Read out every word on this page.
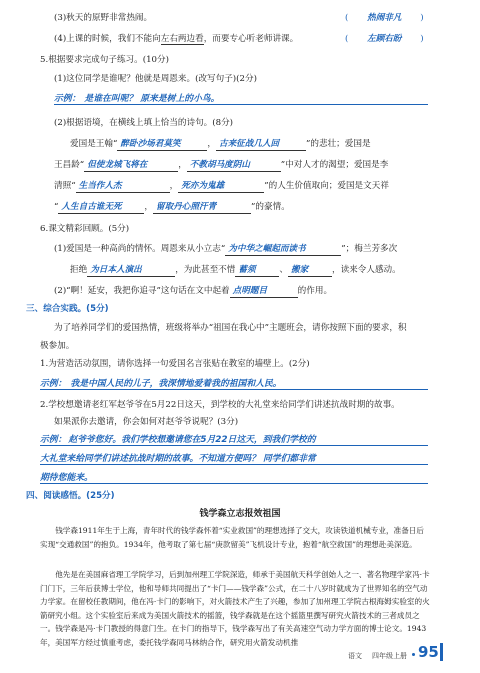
(3)秋天的原野非常热闹。	( 热闹非凡 )
(4)上课的时候，我们不能向左右两边看，而要专心听老师讲课。	( 左顾右盼 )
5.根据要求完成句子练习。(10分)
(1)这位同学是谁呢？他就是周恩来。(改写句子)(2分)
示例： 是谁在叫呢？ 原来是树上的小鸟。
(2)根据语境，在横线上填上恰当的诗句。(8分)
爱国是王翰“ 醉卧沙场君莫笑	， 古来征战几人回	”的悲壮；爱国是
王昌龄“ 但使龙城飞将在	， 不教胡马度阴山	”中对人才的渴望；爱国是李
清照“ 生当作人杰	， 死亦为鬼雄	”的人生价值取向；爱国是文天祥
“ 人生自古谁无死	， 留取丹心照汗青	”的豪情。
6.课文精彩回顾。(5分)
(1)爱国是一种高尚的情怀。周恩来从小立志“ 为中华之崛起而读书	”；梅兰芳多次
拒绝 为日本人演出	，为此甚至不惜 蓄须	、 搬家	，读来令人感动。
(2)“啊！延安，我把你追寻”这句话在文中起着 点明题目	的作用。
三、综合实践。(5分)
为了培养同学们的爱国热情，班级将举办“祖国在我心中”主题班会，请你按照下面的要求，积
极参加。
1.为营造活动氛围，请你选择一句爱国名言张贴在教室的墙壁上。(2分)
示例： 我是中国人民的儿子，我深情地爱着我的祖国和人民。
2.学校想邀请老红军赵爷爷在5月22日这天，到学校的大礼堂来给同学们讲述抗战时期的故事。
如果派你去邀请，你会如何对赵爷爷说呢？(3分)
示例： 赵爷爷您好。我们学校想邀请您在5月22日这天，到我们学校的
大礼堂来给同学们讲述抗战时期的故事。不知道方便吗？ 同学们都非常
期待您能来。
四、阅读感悟。(25分)
钱学森立志报效祖国
钱学森1911年生于上海，青年时代的钱学森怀着“实业救国”的理想选择了交大，攻读铁道机械专业，准备日后实现“交通救国”的抱负。1934年，他考取了第七届“庚款留美”飞机设计专业，抱着“航空救国”的理想赴美深造。
他先是在美国麻省理工学院学习，后到加州理工学院深造，师承于美国航天科学创始人之一、著名物理学家冯·卡门门下，三年后获博士学位，他和导师共同提出了“卡门——钱学森”公式，在二十八岁时就成为了世界知名的空气动力学家。在留校任教期间，他在冯·卡门的影响下，对火箭技术产生了兴趣，参加了加州理工学院古根海姆实验室的火箭研究小组。这个实验室后来成为美国火箭技术的摇篮，钱学森就是在这个摇篮里撰写研究火箭技术的三者成员之一。 钱学森是冯·卡门教授的得意门生。在卡门的指导下，钱学森写出了有关高速空气动力学方面的博士论文。1943年，美国军方经过慎重考虑，委托钱学森同马林纳合作，研究用火箭发动机推
语文 四年级上册 95
